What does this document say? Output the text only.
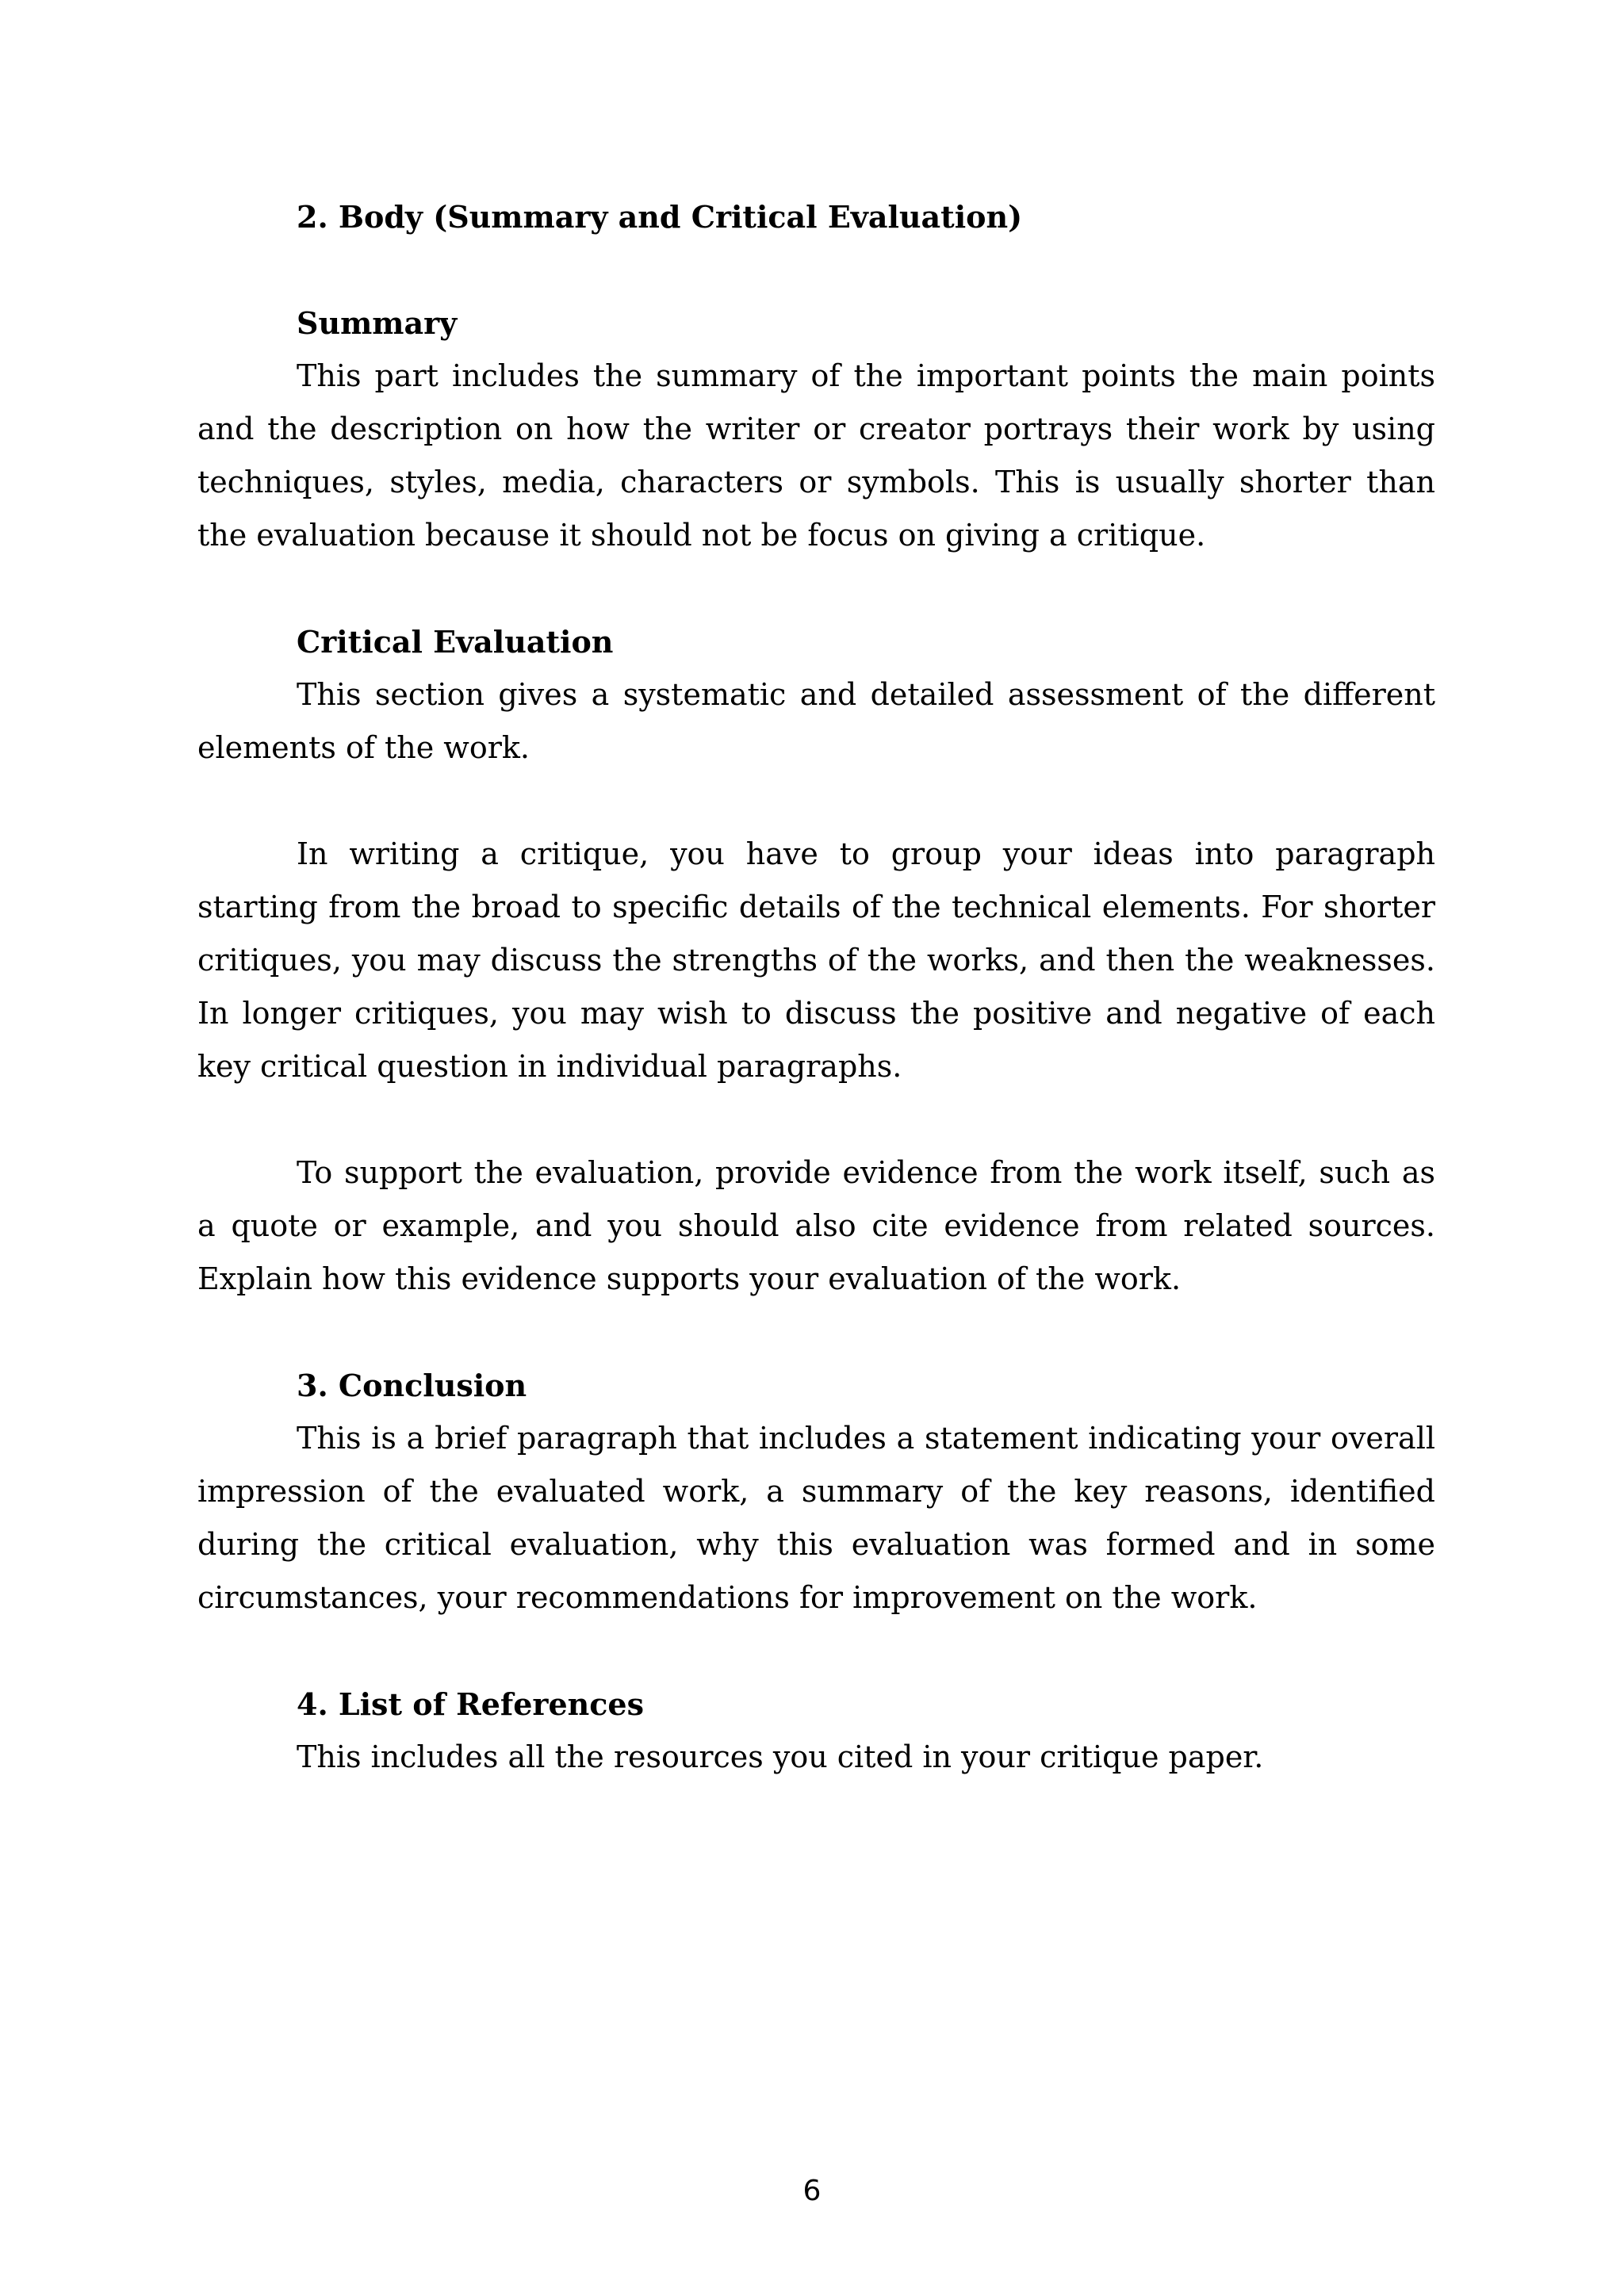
2. Body (Summary and Critical Evaluation)

Summary

This part includes the summary of the important points the main points and the description on how the writer or creator portrays their work by using techniques, styles, media, characters or symbols. This is usually shorter than the evaluation because it should not be focus on giving a critique.

Critical Evaluation

This section gives a systematic and detailed assessment of the different elements of the work.

In writing a critique, you have to group your ideas into paragraph starting from the broad to specific details of the technical elements. For shorter critiques, you may discuss the strengths of the works, and then the weaknesses. In longer critiques, you may wish to discuss the positive and negative of each key critical question in individual paragraphs.

To support the evaluation, provide evidence from the work itself, such as a quote or example, and you should also cite evidence from related sources. Explain how this evidence supports your evaluation of the work.

3. Conclusion

This is a brief paragraph that includes a statement indicating your overall impression of the evaluated work, a summary of the key reasons, identified during the critical evaluation, why this evaluation was formed and in some circumstances, your recommendations for improvement on the work.

4. List of References

This includes all the resources you cited in your critique paper.

6
